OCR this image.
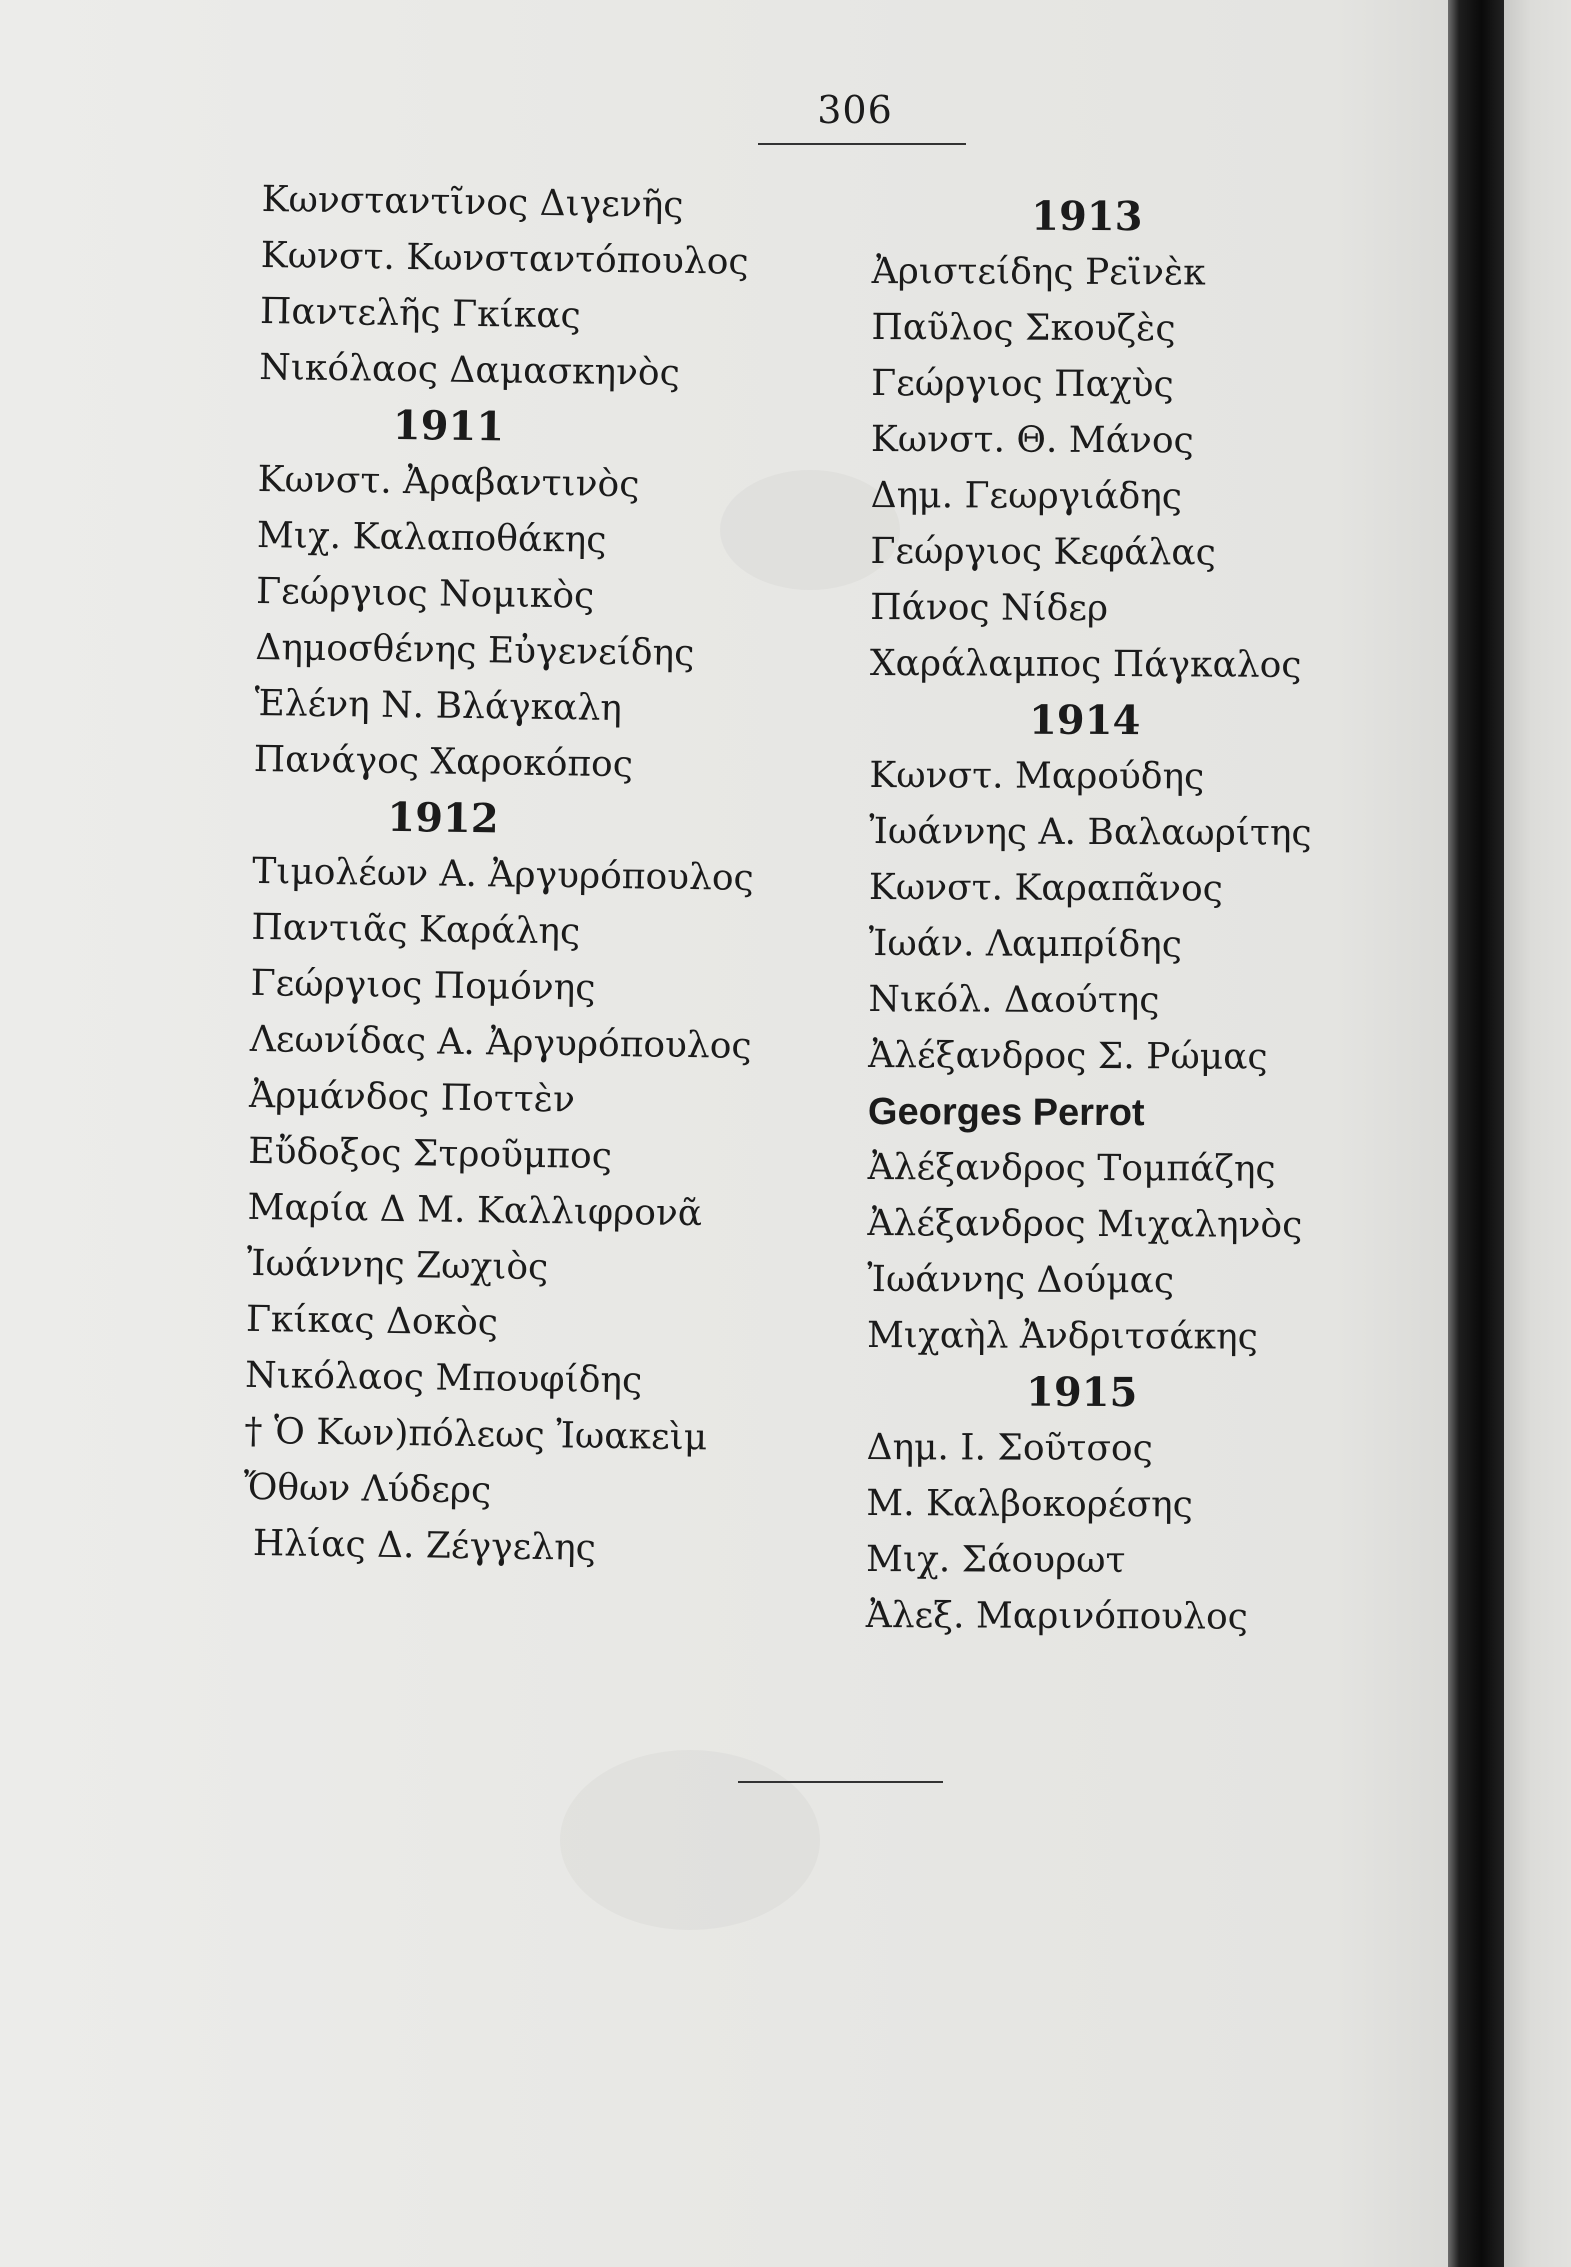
306
Κωνσταντῖνος Διγενῆς
Κωνστ. Κωνσταντόπουλος
Παντελῆς Γκίκας
Νικόλαος Δαμασκηνὸς
1911
Κωνστ. Ἀραβαντινὸς
Μιχ. Καλαποθάκης
Γεώργιος Νομικὸς
Δημοσθένης Εὐγενείδης
Ἑλένη Ν. Βλάγκαλη
Πανάγος Χαροκόπος
1912
Τιμολέων Α. Ἀργυρόπουλος
Παντιᾶς Καράλης
Γεώργιος Πομόνης
Λεωνίδας Α. Ἀργυρόπουλος
Ἀρμάνδος Ποττὲν
Εὔδοξος Στροῦμπος
Μαρία Δ Μ. Καλλιφρονᾶ
Ἰωάννης Ζωχιὸς
Γκίκας Δοκὸς
Νικόλαος Μπουφίδης
† Ὁ Κων)πόλεως Ἰωακεὶμ
Ὄθων Λύδερς
Ηλίας Δ. Ζέγγελης
1913
Ἀριστείδης Ρεϊνὲκ
Παῦλος Σκουζὲς
Γεώργιος Παχὺς
Κωνστ. Θ. Μάνος
Δημ. Γεωργιάδης
Γεώργιος Κεφάλας
Πάνος Νίδερ
Χαράλαμπος Πάγκαλος
1914
Κωνστ. Μαρούδης
Ἰωάννης Α. Βαλαωρίτης
Κωνστ. Καραπᾶνος
Ἰωάν. Λαμπρίδης
Νικόλ. Δαούτης
Ἀλέξανδρος Σ. Ρώμας
Georges Perrot
Ἀλέξανδρος Τομπάζης
Ἀλέξανδρος Μιχαληνὸς
Ἰωάννης Δούμας
Μιχαὴλ Ἀνδριτσάκης
1915
Δημ. Ι. Σοῦτσος
Μ. Καλβοκορέσης
Μιχ. Σάουρωτ
Ἀλεξ. Μαρινόπουλος
